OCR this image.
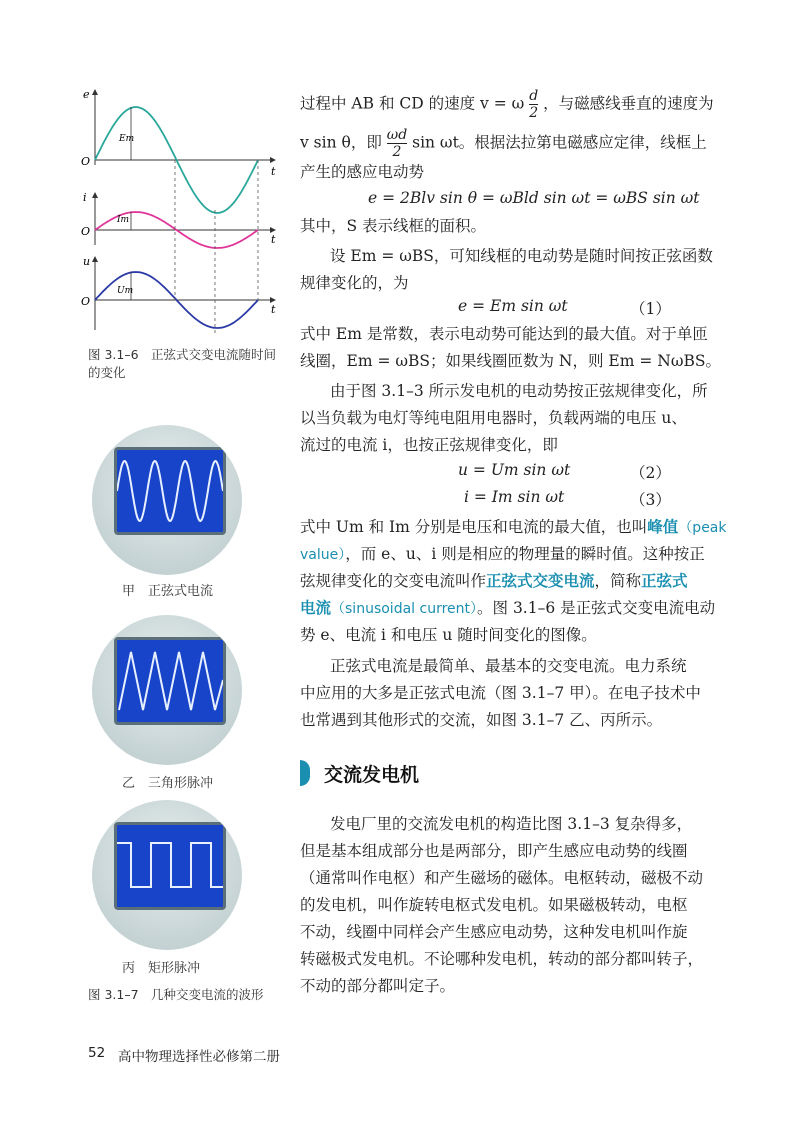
e
O
t
Em
i
O
t
Im
u
O
t
Um
图 3.1–6　正弦式交变电流随时间
的变化
甲　正弦式电流
乙　三角形脉冲
丙　矩形脉冲
图 3.1–7　几种交变电流的波形
过程中 AB 和 CD 的速度 v = ω $\frac{d}{2}$ ，与磁感线垂直的速度为
v sin θ，即 $\frac{\omega d}{2}$ sin ωt。根据法拉第电磁感应定律，线框上
产生的感应电动势
e = 2Blv sin θ = ωBld sin ωt = ωBS sin ωt
其中，S 表示线框的面积。
设 Em = ωBS，可知线框的电动势是随时间按正弦函数
规律变化的，为
e = Em sin ωt	（1）
式中 Em 是常数，表示电动势可能达到的最大值。对于单匝
线圈，Em = ωBS；如果线圈匝数为 N，则 Em = NωBS。
由于图 3.1–3 所示发电机的电动势按正弦规律变化，所
以当负载为电灯等纯电阻用电器时，负载两端的电压 u、
流过的电流 i，也按正弦规律变化，即
u = Um sin ωt	（2）
i = Im sin ωt	（3）
式中 Um 和 Im 分别是电压和电流的最大值，也叫峰值（peak
value），而 e、u、i 则是相应的物理量的瞬时值。这种按正
弦规律变化的交变电流叫作正弦式交变电流，简称正弦式
电流（sinusoidal current）。图 3.1–6 是正弦式交变电流电动
势 e、电流 i 和电压 u 随时间变化的图像。
正弦式电流是最简单、最基本的交变电流。电力系统
中应用的大多是正弦式电流（图 3.1–7 甲）。在电子技术中
也常遇到其他形式的交流，如图 3.1–7 乙、丙所示。
交流发电机
发电厂里的交流发电机的构造比图 3.1–3 复杂得多，
但是基本组成部分也是两部分，即产生感应电动势的线圈
（通常叫作电枢）和产生磁场的磁体。电枢转动，磁极不动
的发电机，叫作旋转电枢式发电机。如果磁极转动，电枢
不动，线圈中同样会产生感应电动势，这种发电机叫作旋
转磁极式发电机。不论哪种发电机，转动的部分都叫转子，
不动的部分都叫定子。
52 高中物理选择性必修第二册
